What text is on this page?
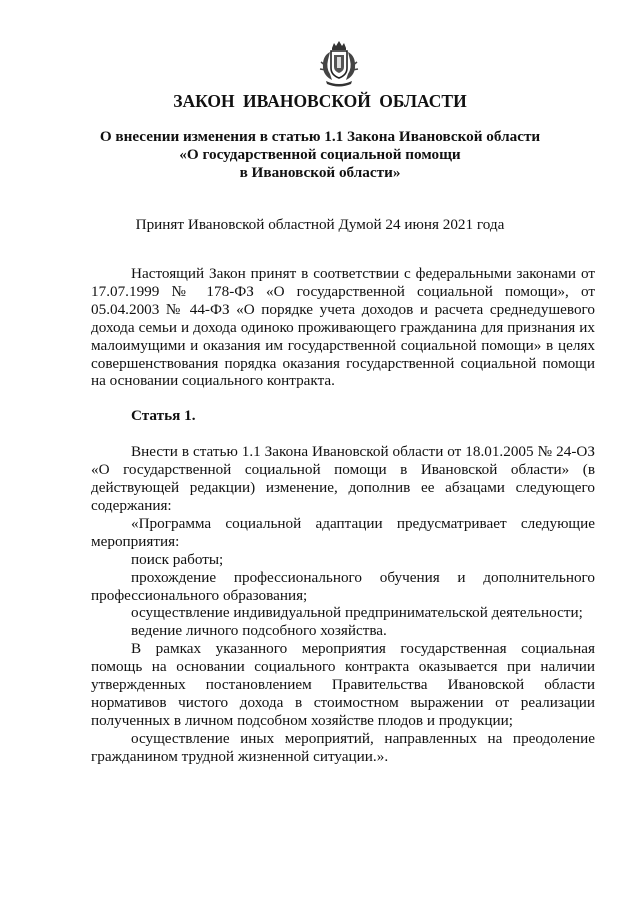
ЗАКОН ИВАНОВСКОЙ ОБЛАСТИ
О внесении изменения в статью 1.1 Закона Ивановской области
«О государственной социальной помощи
в Ивановской области»

Принят Ивановской областной Думой 24 июня 2021 года

Настоящий Закон принят в соответствии с федеральными законами от 17.07.1999 № 178-ФЗ «О государственной социальной помощи», от 05.04.2003 № 44-ФЗ «О порядке учета доходов и расчета среднедушевого дохода семьи и дохода одиноко проживающего гражданина для признания их малоимущими и оказания им государственной социальной помощи» в целях совершенствования порядка оказания государственной социальной помощи на основании социального контракта.

Статья 1.

Внести в статью 1.1 Закона Ивановской области от 18.01.2005 № 24-ОЗ «О государственной социальной помощи в Ивановской области» (в действующей редакции) изменение, дополнив ее абзацами следующего содержания:

«Программа социальной адаптации предусматривает следующие мероприятия:

поиск работы;

прохождение профессионального обучения и дополнительного профессионального образования;

осуществление индивидуальной предпринимательской деятельности;

ведение личного подсобного хозяйства.

В рамках указанного мероприятия государственная социальная помощь на основании социального контракта оказывается при наличии утвержденных постановлением Правительства Ивановской области нормативов чистого дохода в стоимостном выражении от реализации полученных в личном подсобном хозяйстве плодов и продукции;

осуществление иных мероприятий, направленных на преодоление гражданином трудной жизненной ситуации.».
